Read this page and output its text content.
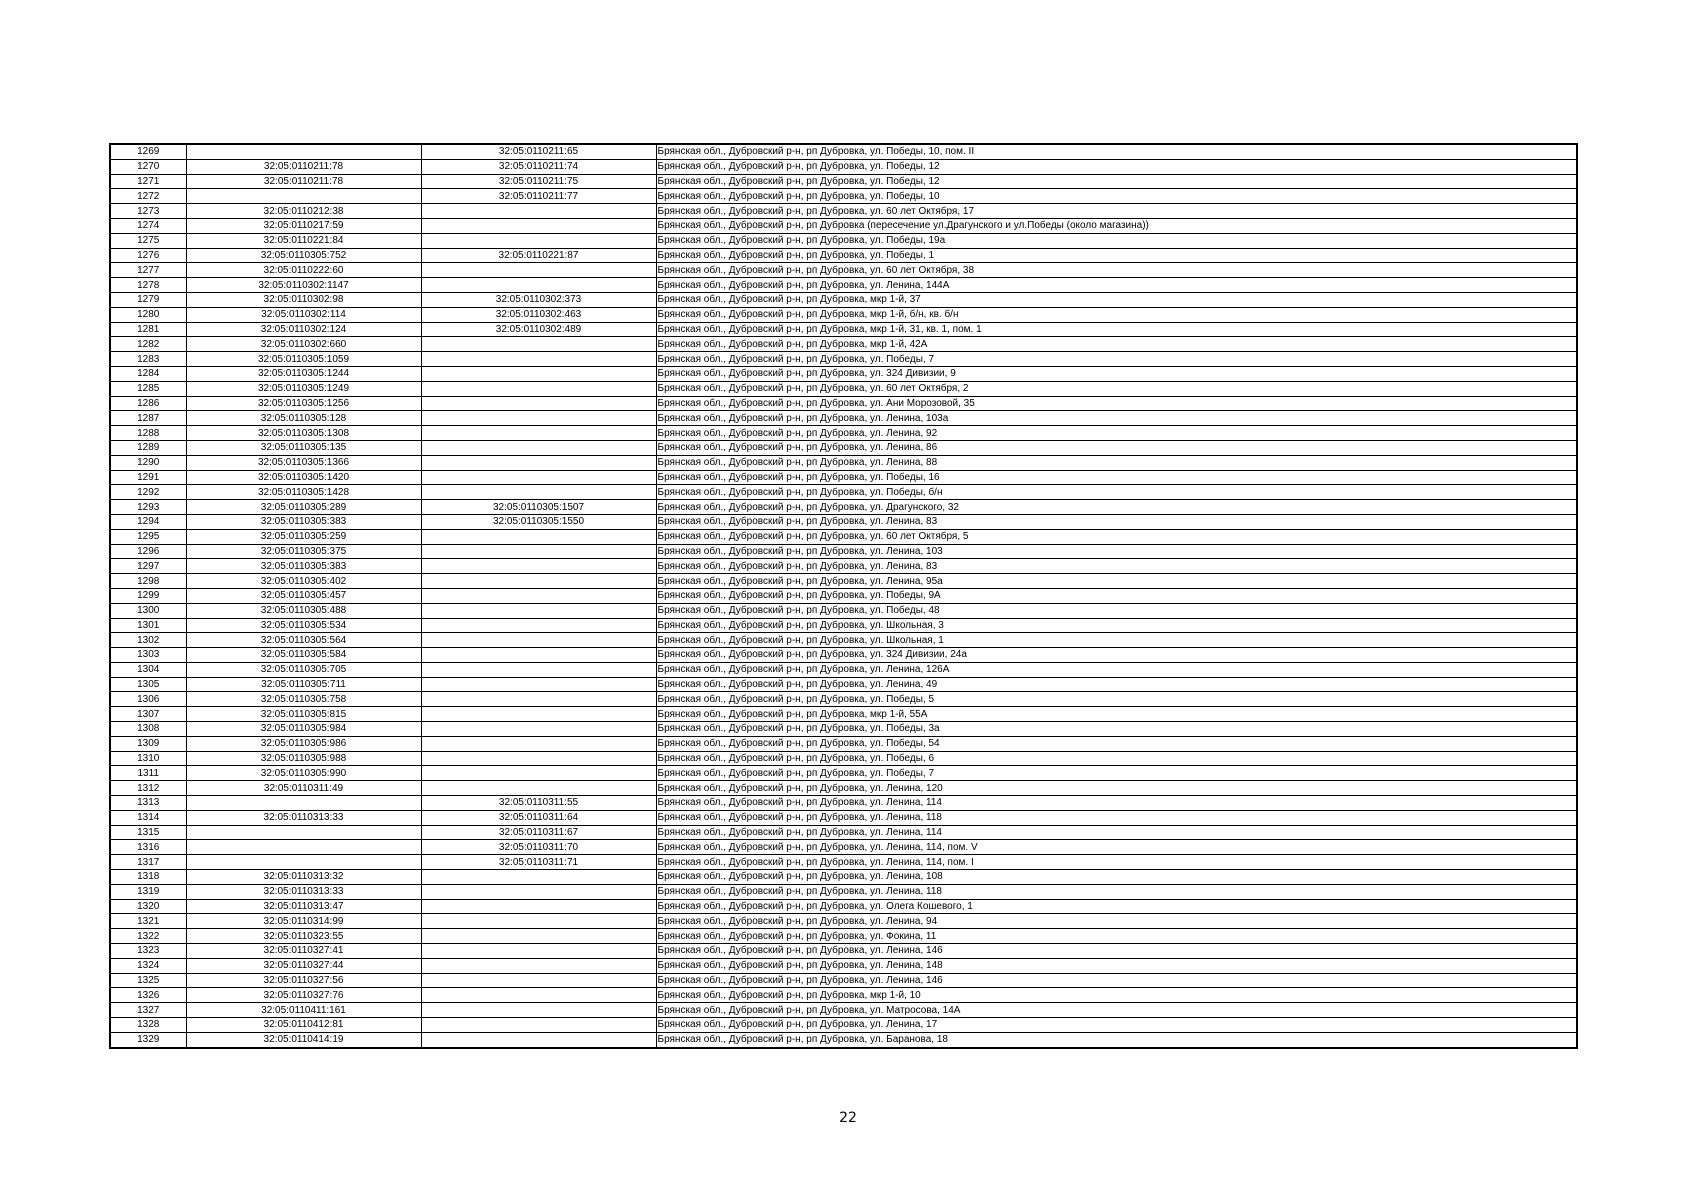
1269		32:05:0110211:65	Брянская обл., Дубровский р-н, рп Дубровка, ул. Победы, 10, пом. II
1270	32:05:0110211:78	32:05:0110211:74	Брянская обл., Дубровский р-н, рп Дубровка, ул. Победы, 12
1271	32:05:0110211:78	32:05:0110211:75	Брянская обл., Дубровский р-н, рп Дубровка, ул. Победы, 12
1272		32:05:0110211:77	Брянская обл., Дубровский р-н, рп Дубровка, ул. Победы, 10
1273	32:05:0110212:38		Брянская обл., Дубровский р-н, рп Дубровка, ул. 60 лет Октября, 17
1274	32:05:0110217:59		Брянская обл., Дубровский р-н, рп Дубровка (пересечение ул.Драгунского и ул.Победы (около магазина))
1275	32:05:0110221:84		Брянская обл., Дубровский р-н, рп Дубровка, ул. Победы, 19а
1276	32:05:0110305:752	32:05:0110221:87	Брянская обл., Дубровский р-н, рп Дубровка, ул. Победы, 1
1277	32:05:0110222:60		Брянская обл., Дубровский р-н, рп Дубровка, ул. 60 лет Октября, 38
1278	32:05:0110302:1147		Брянская обл., Дубровский р-н, рп Дубровка, ул. Ленина, 144А
1279	32:05:0110302:98	32:05:0110302:373	Брянская обл., Дубровский р-н, рп Дубровка, мкр 1-й, 37
1280	32:05:0110302:114	32:05:0110302:463	Брянская обл., Дубровский р-н, рп Дубровка, мкр 1-й, б/н, кв. б/н
1281	32:05:0110302:124	32:05:0110302:489	Брянская обл., Дубровский р-н, рп Дубровка, мкр 1-й, 31, кв. 1, пом. 1
1282	32:05:0110302:660		Брянская обл., Дубровский р-н, рп Дубровка, мкр 1-й, 42А
1283	32:05:0110305:1059		Брянская обл., Дубровский р-н, рп Дубровка, ул. Победы, 7
1284	32:05:0110305:1244		Брянская обл., Дубровский р-н, рп Дубровка, ул. 324 Дивизии, 9
1285	32:05:0110305:1249		Брянская обл., Дубровский р-н, рп Дубровка, ул. 60 лет Октября, 2
1286	32:05:0110305:1256		Брянская обл., Дубровский р-н, рп Дубровка, ул. Ани Морозовой, 35
1287	32:05:0110305:128		Брянская обл., Дубровский р-н, рп Дубровка, ул. Ленина, 103а
1288	32:05:0110305:1308		Брянская обл., Дубровский р-н, рп Дубровка, ул. Ленина, 92
1289	32:05:0110305:135		Брянская обл., Дубровский р-н, рп Дубровка, ул. Ленина, 86
1290	32:05:0110305:1366		Брянская обл., Дубровский р-н, рп Дубровка, ул. Ленина, 88
1291	32:05:0110305:1420		Брянская обл., Дубровский р-н, рп Дубровка, ул. Победы, 16
1292	32:05:0110305:1428		Брянская обл., Дубровский р-н, рп Дубровка, ул. Победы, б/н
1293	32:05:0110305:289	32:05:0110305:1507	Брянская обл., Дубровский р-н, рп Дубровка, ул. Драгунского, 32
1294	32:05:0110305:383	32:05:0110305:1550	Брянская обл., Дубровский р-н, рп Дубровка, ул. Ленина, 83
1295	32:05:0110305:259		Брянская обл., Дубровский р-н, рп Дубровка, ул. 60 лет Октября, 5
1296	32:05:0110305:375		Брянская обл., Дубровский р-н, рп Дубровка, ул. Ленина, 103
1297	32:05:0110305:383		Брянская обл., Дубровский р-н, рп Дубровка, ул. Ленина, 83
1298	32:05:0110305:402		Брянская обл., Дубровский р-н, рп Дубровка, ул. Ленина, 95а
1299	32:05:0110305:457		Брянская обл., Дубровский р-н, рп Дубровка, ул. Победы, 9А
1300	32:05:0110305:488		Брянская обл., Дубровский р-н, рп Дубровка, ул. Победы, 48
1301	32:05:0110305:534		Брянская обл., Дубровский р-н, рп Дубровка, ул. Школьная, 3
1302	32:05:0110305:564		Брянская обл., Дубровский р-н, рп Дубровка, ул. Школьная, 1
1303	32:05:0110305:584		Брянская обл., Дубровский р-н, рп Дубровка, ул. 324 Дивизии, 24а
1304	32:05:0110305:705		Брянская обл., Дубровский р-н, рп Дубровка, ул. Ленина, 126А
1305	32:05:0110305:711		Брянская обл., Дубровский р-н, рп Дубровка, ул. Ленина, 49
1306	32:05:0110305:758		Брянская обл., Дубровский р-н, рп Дубровка, ул. Победы, 5
1307	32:05:0110305:815		Брянская обл., Дубровский р-н, рп Дубровка, мкр 1-й, 55А
1308	32:05:0110305:984		Брянская обл., Дубровский р-н, рп Дубровка, ул. Победы, 3а
1309	32:05:0110305:986		Брянская обл., Дубровский р-н, рп Дубровка, ул. Победы, 54
1310	32:05:0110305:988		Брянская обл., Дубровский р-н, рп Дубровка, ул. Победы, 6
1311	32:05:0110305:990		Брянская обл., Дубровский р-н, рп Дубровка, ул. Победы, 7
1312	32:05:0110311:49		Брянская обл., Дубровский р-н, рп Дубровка, ул. Ленина, 120
1313		32:05:0110311:55	Брянская обл., Дубровский р-н, рп Дубровка, ул. Ленина, 114
1314	32:05:0110313:33	32:05:0110311:64	Брянская обл., Дубровский р-н, рп Дубровка, ул. Ленина, 118
1315		32:05:0110311:67	Брянская обл., Дубровский р-н, рп Дубровка, ул. Ленина, 114
1316		32:05:0110311:70	Брянская обл., Дубровский р-н, рп Дубровка, ул. Ленина, 114, пом. V
1317		32:05:0110311:71	Брянская обл., Дубровский р-н, рп Дубровка, ул. Ленина, 114, пом. I
1318	32:05:0110313:32		Брянская обл., Дубровский р-н, рп Дубровка, ул. Ленина, 108
1319	32:05:0110313:33		Брянская обл., Дубровский р-н, рп Дубровка, ул. Ленина, 118
1320	32:05:0110313:47		Брянская обл., Дубровский р-н, рп Дубровка, ул. Олега Кошевого, 1
1321	32:05:0110314:99		Брянская обл., Дубровский р-н, рп Дубровка, ул. Ленина, 94
1322	32:05:0110323:55		Брянская обл., Дубровский р-н, рп Дубровка, ул. Фокина, 11
1323	32:05:0110327:41		Брянская обл., Дубровский р-н, рп Дубровка, ул. Ленина, 146
1324	32:05:0110327:44		Брянская обл., Дубровский р-н, рп Дубровка, ул. Ленина, 148
1325	32:05:0110327:56		Брянская обл., Дубровский р-н, рп Дубровка, ул. Ленина, 146
1326	32:05:0110327:76		Брянская обл., Дубровский р-н, рп Дубровка, мкр 1-й, 10
1327	32:05:0110411:161		Брянская обл., Дубровский р-н, рп Дубровка, ул. Матросова, 14А
1328	32:05:0110412:81		Брянская обл., Дубровский р-н, рп Дубровка, ул. Ленина, 17
1329	32:05:0110414:19		Брянская обл., Дубровский р-н, рп Дубровка, ул. Баранова, 18
22
